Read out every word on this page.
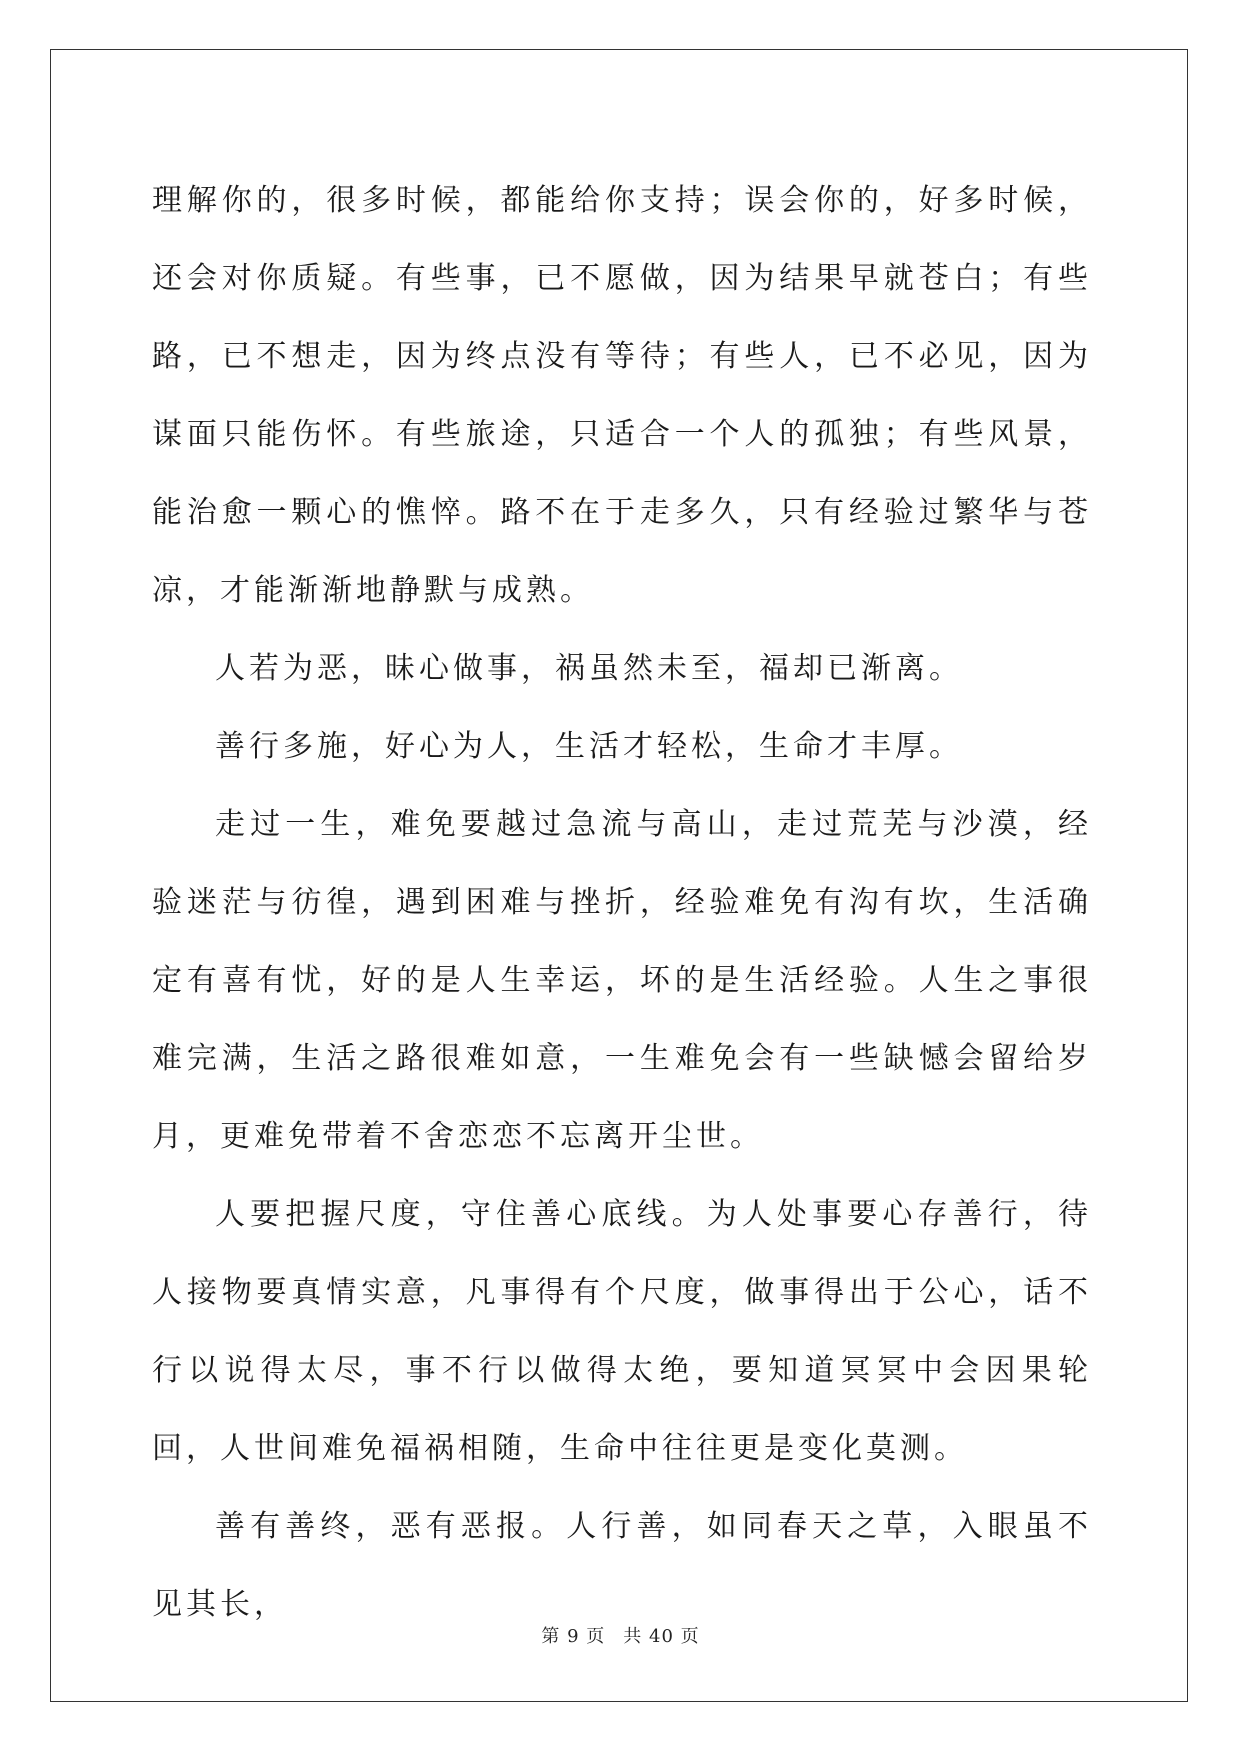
理解你的，很多时候，都能给你支持；误会你的，好多时候，还会对你质疑。有些事，已不愿做，因为结果早就苍白；有些路，已不想走，因为终点没有等待；有些人，已不必见，因为谋面只能伤怀。有些旅途，只适合一个人的孤独；有些风景，能治愈一颗心的憔悴。路不在于走多久，只有经验过繁华与苍凉，才能渐渐地静默与成熟。

人若为恶，昧心做事，祸虽然未至，福却已渐离。

善行多施，好心为人，生活才轻松，生命才丰厚。

走过一生，难免要越过急流与高山，走过荒芜与沙漠，经验迷茫与彷徨，遇到困难与挫折，经验难免有沟有坎，生活确定有喜有忧，好的是人生幸运，坏的是生活经验。人生之事很难完满，生活之路很难如意，一生难免会有一些缺憾会留给岁月，更难免带着不舍恋恋不忘离开尘世。

人要把握尺度，守住善心底线。为人处事要心存善行，待人接物要真情实意，凡事得有个尺度，做事得出于公心，话不行以说得太尽，事不行以做得太绝，要知道冥冥中会因果轮回，人世间难免福祸相随，生命中往往更是变化莫测。

善有善终，恶有恶报。人行善，如同春天之草，入眼虽不见其长，

第 9 页 共 40 页
